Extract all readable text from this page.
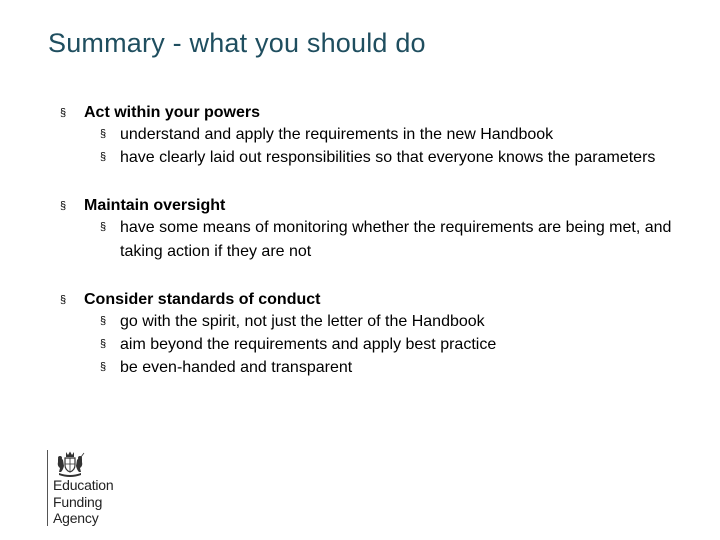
Summary - what you should do
§ Act within your powers
§ understand and apply the requirements in the new Handbook
§ have clearly laid out responsibilities so that everyone knows the parameters
§ Maintain oversight
§ have some means of monitoring whether the requirements are being met, and taking action if they are not
§ Consider standards of conduct
§ go with the spirit, not just the letter of the Handbook
§ aim beyond the requirements and apply best practice
§ be even-handed and transparent
Education
Funding
Agency
